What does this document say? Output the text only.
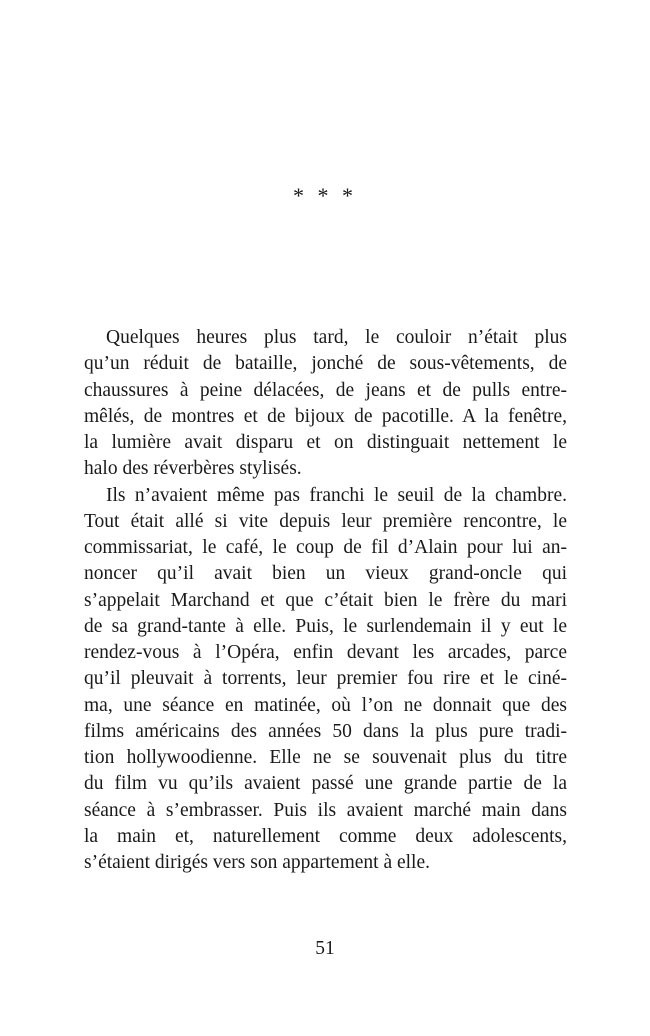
* * *

Quelques heures plus tard, le couloir n’était plus
qu’un réduit de bataille, jonché de sous-vêtements, de
chaussures à peine délacées, de jeans et de pulls entre-
mêlés, de montres et de bijoux de pacotille. A la fenêtre,
la lumière avait disparu et on distinguait nettement le
halo des réverbères stylisés.

Ils n’avaient même pas franchi le seuil de la chambre.
Tout était allé si vite depuis leur première rencontre, le
commissariat, le café, le coup de fil d’Alain pour lui an-
noncer qu’il avait bien un vieux grand-oncle qui
s’appelait Marchand et que c’était bien le frère du mari
de sa grand-tante à elle. Puis, le surlendemain il y eut le
rendez-vous à l’Opéra, enfin devant les arcades, parce
qu’il pleuvait à torrents, leur premier fou rire et le ciné-
ma, une séance en matinée, où l’on ne donnait que des
films américains des années 50 dans la plus pure tradi-
tion hollywoodienne. Elle ne se souvenait plus du titre
du film vu qu’ils avaient passé une grande partie de la
séance à s’embrasser. Puis ils avaient marché main dans
la main et, naturellement comme deux adolescents,
s’étaient dirigés vers son appartement à elle.

51
